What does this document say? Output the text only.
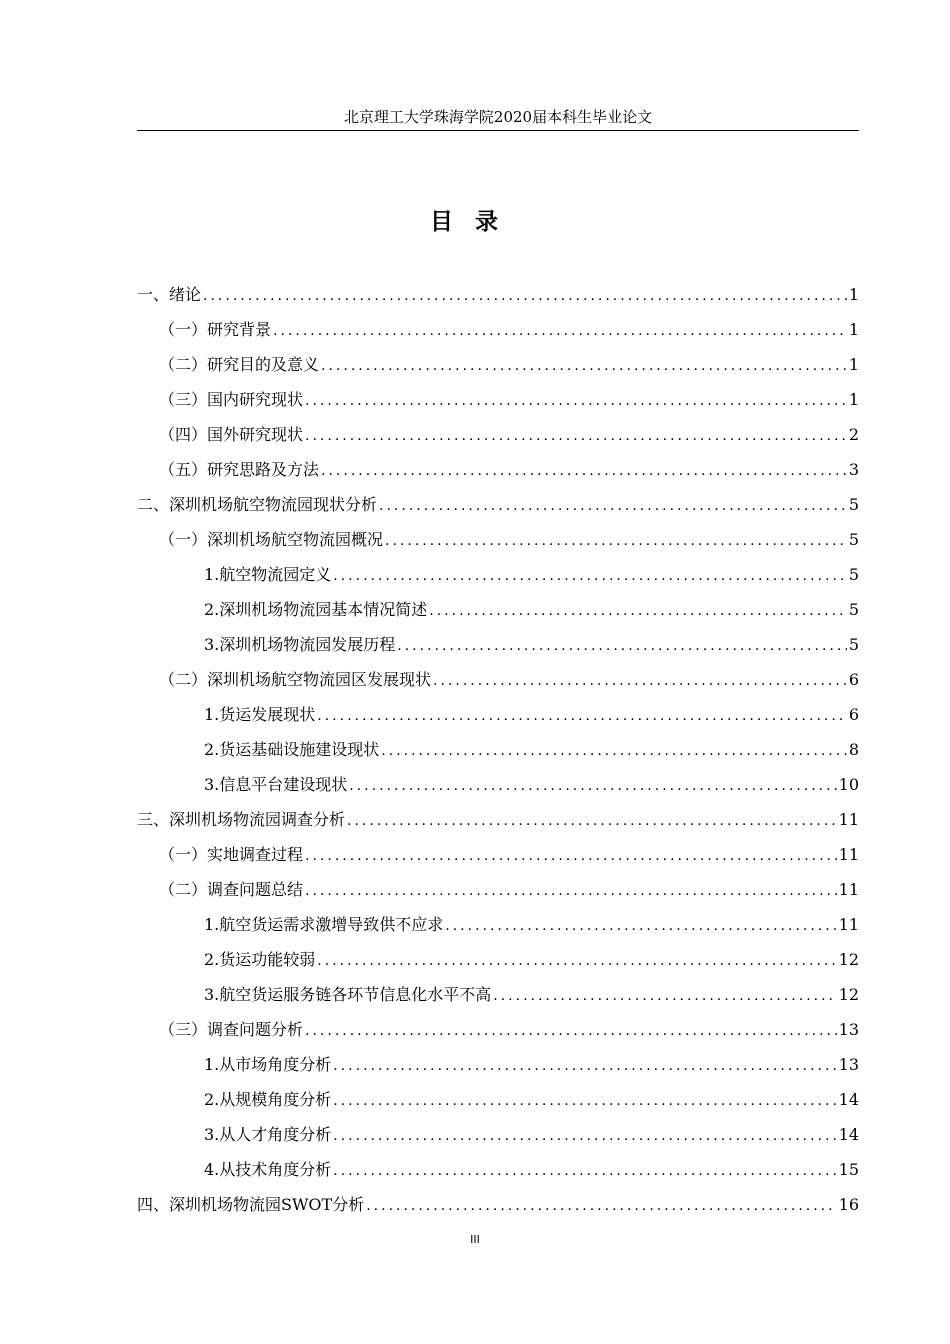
北京理工大学珠海学院2020届本科生毕业论文
目录
一、 绪论 .....	1
（一） 研究背景 .....	1
（二） 研究目的及意义 .....	1
（三） 国内研究现状 .....	1
（四） 国外研究现状 .....	2
（五） 研究思路及方法 .....	3
二、 深圳机场航空物流园现状分析 .....	5
（一） 深圳机场航空物流园概况 .....	5
1. 航空物流园定义 .....	5
2. 深圳机场物流园基本情况简述 .....	5
3. 深圳机场物流园发展历程 .....	5
（二） 深圳机场航空物流园区发展现状 .....	6
1. 货运发展现状 .....	6
2. 货运基础设施建设现状 .....	8
3. 信息平台建设现状 .....	10
三、 深圳机场物流园调查分析 .....	11
（一） 实地调查过程 .....	11
（二） 调查问题总结 .....	11
1. 航空货运需求激增导致供不应求 .....	11
2. 货运功能较弱 .....	12
3. 航空货运服务链各环节信息化水平不高 .....	12
（三） 调查问题分析 .....	13
1. 从市场角度分析 .....	13
2. 从规模角度分析 .....	14
3. 从人才角度分析 .....	14
4. 从技术角度分析 .....	15
四、 深圳机场物流园SWOT分析 .....	16
III
